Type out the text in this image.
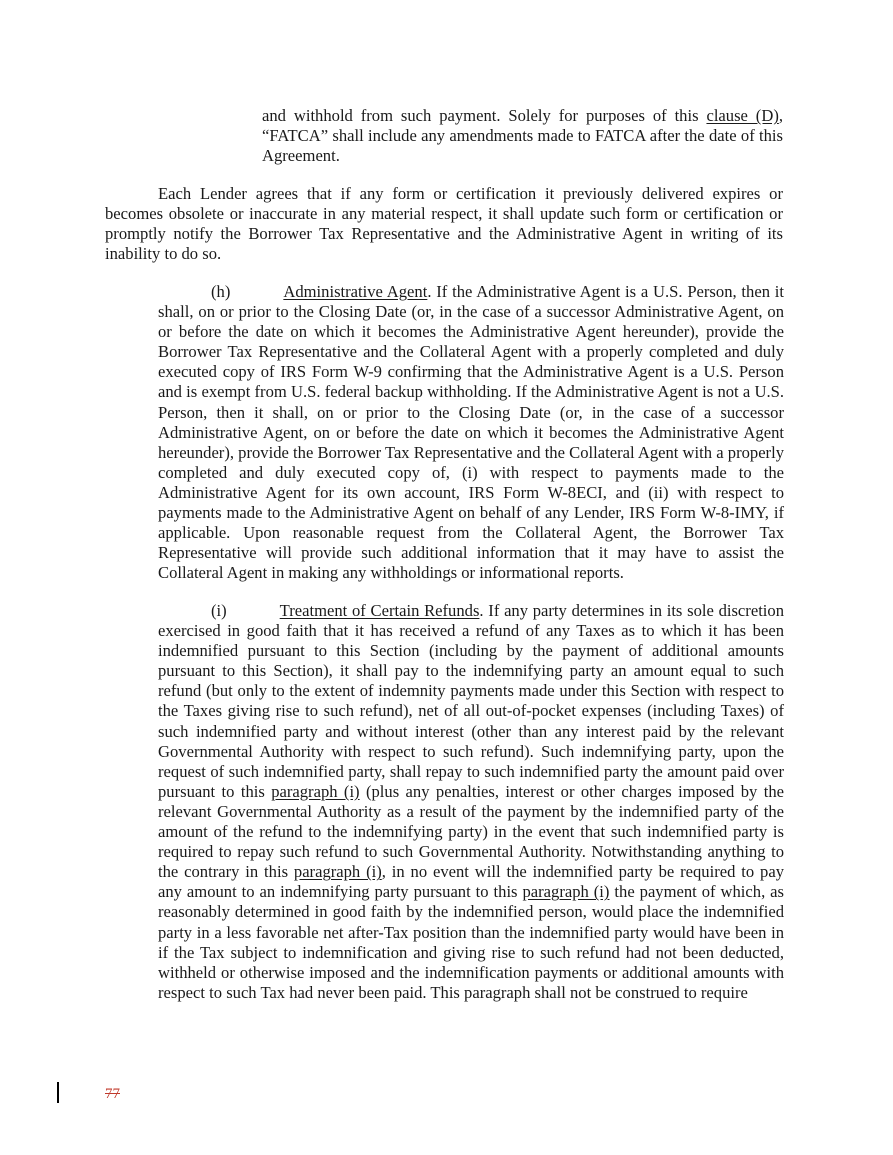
and withhold from such payment. Solely for purposes of this clause (D), “FATCA” shall include any amendments made to FATCA after the date of this Agreement.

Each Lender agrees that if any form or certification it previously delivered expires or becomes obsolete or inaccurate in any material respect, it shall update such form or certification or promptly notify the Borrower Tax Representative and the Administrative Agent in writing of its inability to do so.

(h)	Administrative Agent. If the Administrative Agent is a U.S. Person, then it shall, on or prior to the Closing Date (or, in the case of a successor Administrative Agent, on or before the date on which it becomes the Administrative Agent hereunder), provide the Borrower Tax Representative and the Collateral Agent with a properly completed and duly executed copy of IRS Form W-9 confirming that the Administrative Agent is a U.S. Person and is exempt from U.S. federal backup withholding. If the Administrative Agent is not a U.S. Person, then it shall, on or prior to the Closing Date (or, in the case of a successor Administrative Agent, on or before the date on which it becomes the Administrative Agent hereunder), provide the Borrower Tax Representative and the Collateral Agent with a properly completed and duly executed copy of, (i) with respect to payments made to the Administrative Agent for its own account, IRS Form W-8ECI, and (ii) with respect to payments made to the Administrative Agent on behalf of any Lender, IRS Form W-8-IMY, if applicable. Upon reasonable request from the Collateral Agent, the Borrower Tax Representative will provide such additional information that it may have to assist the Collateral Agent in making any withholdings or informational reports.

(i)	Treatment of Certain Refunds. If any party determines in its sole discretion exercised in good faith that it has received a refund of any Taxes as to which it has been indemnified pursuant to this Section (including by the payment of additional amounts pursuant to this Section), it shall pay to the indemnifying party an amount equal to such refund (but only to the extent of indemnity payments made under this Section with respect to the Taxes giving rise to such refund), net of all out-of-pocket expenses (including Taxes) of such indemnified party and without interest (other than any interest paid by the relevant Governmental Authority with respect to such refund). Such indemnifying party, upon the request of such indemnified party, shall repay to such indemnified party the amount paid over pursuant to this paragraph (i) (plus any penalties, interest or other charges imposed by the relevant Governmental Authority as a result of the payment by the indemnified party of the amount of the refund to the indemnifying party) in the event that such indemnified party is required to repay such refund to such Governmental Authority. Notwithstanding anything to the contrary in this paragraph (i), in no event will the indemnified party be required to pay any amount to an indemnifying party pursuant to this paragraph (i) the payment of which, as reasonably determined in good faith by the indemnified person, would place the indemnified party in a less favorable net after-Tax position than the indemnified party would have been in if the Tax subject to indemnification and giving rise to such refund had not been deducted, withheld or otherwise imposed and the indemnification payments or additional amounts with respect to such Tax had never been paid. This paragraph shall not be construed to require

77
